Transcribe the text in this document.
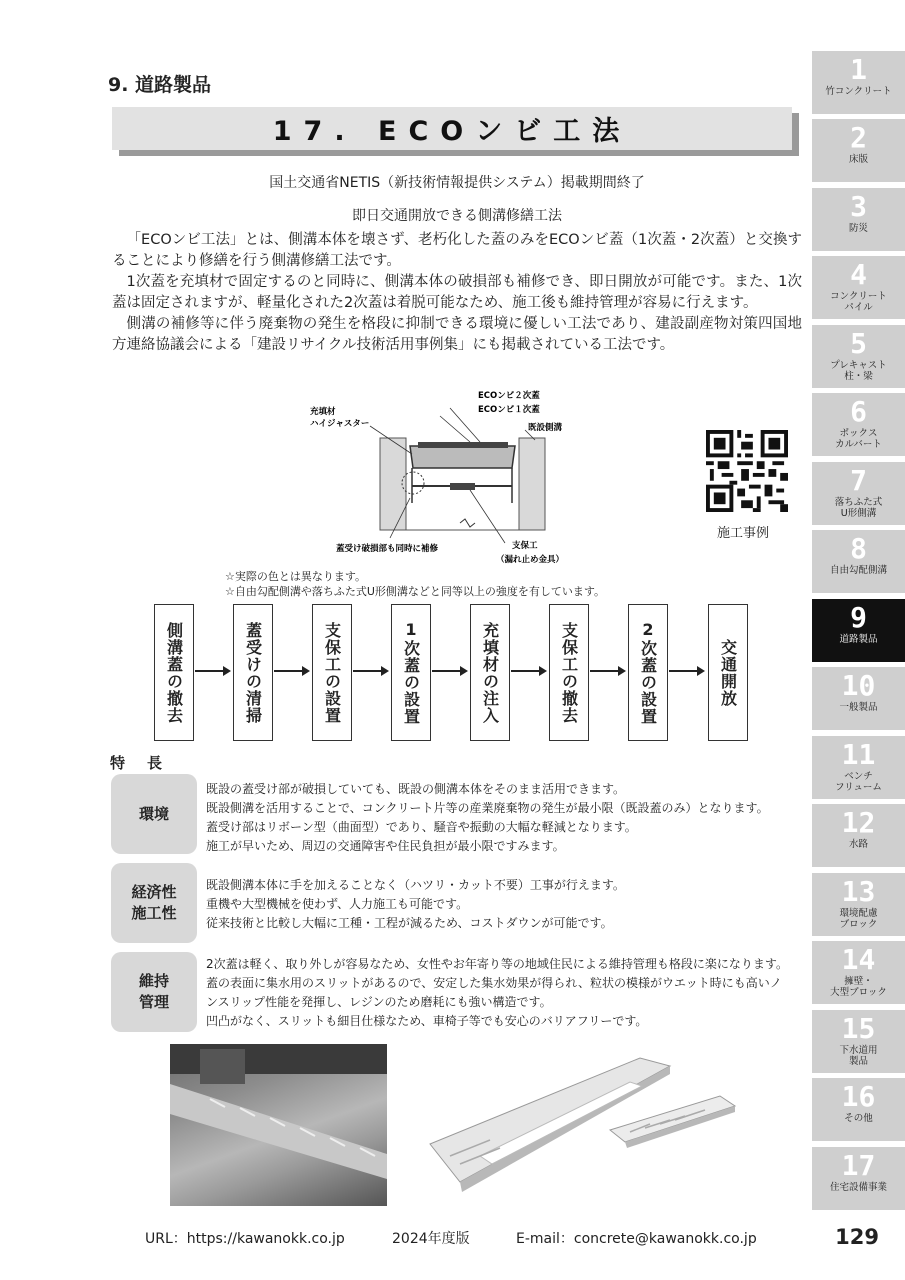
9. 道路製品
17. ECOンビ工法
国土交通省NETIS（新技術情報提供システム）掲載期間終了
即日交通開放できる側溝修繕工法

「ECOンビ工法」とは、側溝本体を壊さず、老朽化した蓋のみをECOンビ蓋（1次蓋・2次蓋）と交換することにより修繕を行う側溝修繕工法です。

1次蓋を充填材で固定するのと同時に、側溝本体の破損部も補修でき、即日開放が可能です。また、1次蓋は固定されますが、軽量化された2次蓋は着脱可能なため、施工後も維持管理が容易に行えます。

側溝の補修等に伴う廃棄物の発生を格段に抑制できる環境に優しい工法であり、建設副産物対策四国地方連絡協議会による「建設リサイクル技術活用事例集」にも掲載されている工法です。

充填材
ハイジャスター
ECOンビ２次蓋
ECOンビ１次蓋
既設側溝
蓋受け破損部も同時に補修	支保工
（漏れ止め金具）
施工事例
☆実際の色とは異なります。
☆自由勾配側溝や落ちふた式U形側溝などと同等以上の強度を有しています。
側溝蓋の撤去	蓋受けの清掃	支保工の設置	1次蓋の設置	充填材の注入	支保工の撤去	2次蓋の設置	交通開放
特長
環境
既設の蓋受け部が破損していても、既設の側溝本体をそのまま活用できます。
既設側溝を活用することで、コンクリート片等の産業廃棄物の発生が最小限（既設蓋のみ）となります。
蓋受け部はリボーン型（曲面型）であり、騒音や振動の大幅な軽減となります。
施工が早いため、周辺の交通障害や住民負担が最小限ですみます。
経済性
施工性
既設側溝本体に手を加えることなく（ハツリ・カット不要）工事が行えます。
重機や大型機械を使わず、人力施工も可能です。
従来技術と比較し大幅に工種・工程が減るため、コストダウンが可能です。
維持
管理
2次蓋は軽く、取り外しが容易なため、女性やお年寄り等の地域住民による維持管理も格段に楽になります。
蓋の表面に集水用のスリットがあるので、安定した集水効果が得られ、粒状の模様がウエット時にも高いノ
ンスリップ性能を発揮し、レジンのため磨耗にも強い構造です。
凹凸がなく、スリットも細目仕様なため、車椅子等でも安心のバリアフリーです。
1
竹コンクリート
2
床版
3
防災
4
コンクリート
パイル
5
プレキャスト
柱・梁
6
ボックス
カルバート
7
落ちふた式
U形側溝
8
自由勾配側溝
9
道路製品
10
一般製品
11
ベンチ
フリューム
12
水路
13
環境配慮
ブロック
14
擁壁・
大型ブロック
15
下水道用
製品
16
その他
17
住宅設備事業
URL：https://kawanokk.co.jp	2024年度版	E-mail：concrete@kawanokk.co.jp	129
